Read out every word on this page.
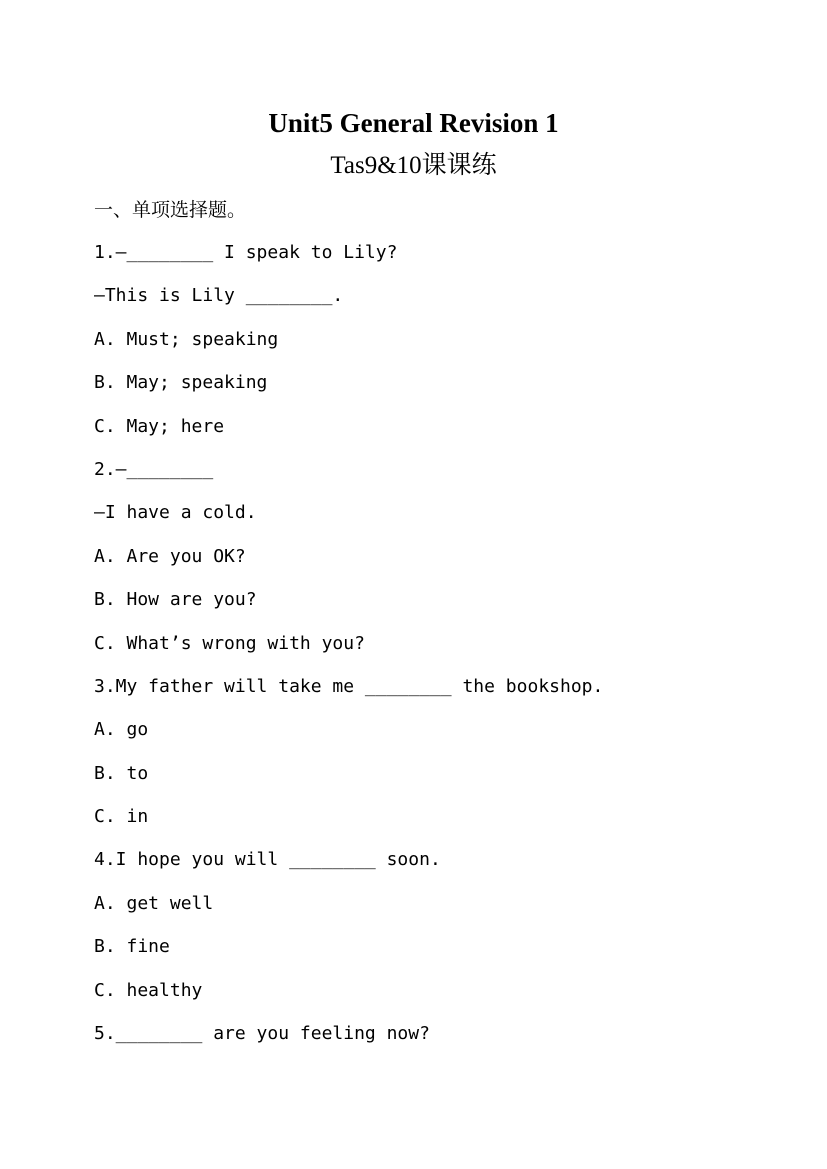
Unit5 General Revision 1
Tas9&10课课练
一、单项选择题。
1.—________ I speak to Lily?
—This is Lily ________.
A. Must; speaking
B. May; speaking
C. May; here
2.—________
—I have a cold.
A. Are you OK?
B. How are you?
C. What’s wrong with you?
3.My father will take me ________ the bookshop.
A. go
B. to
C. in
4.I hope you will ________ soon.
A. get well
B. fine
C. healthy
5.________ are you feeling now?
